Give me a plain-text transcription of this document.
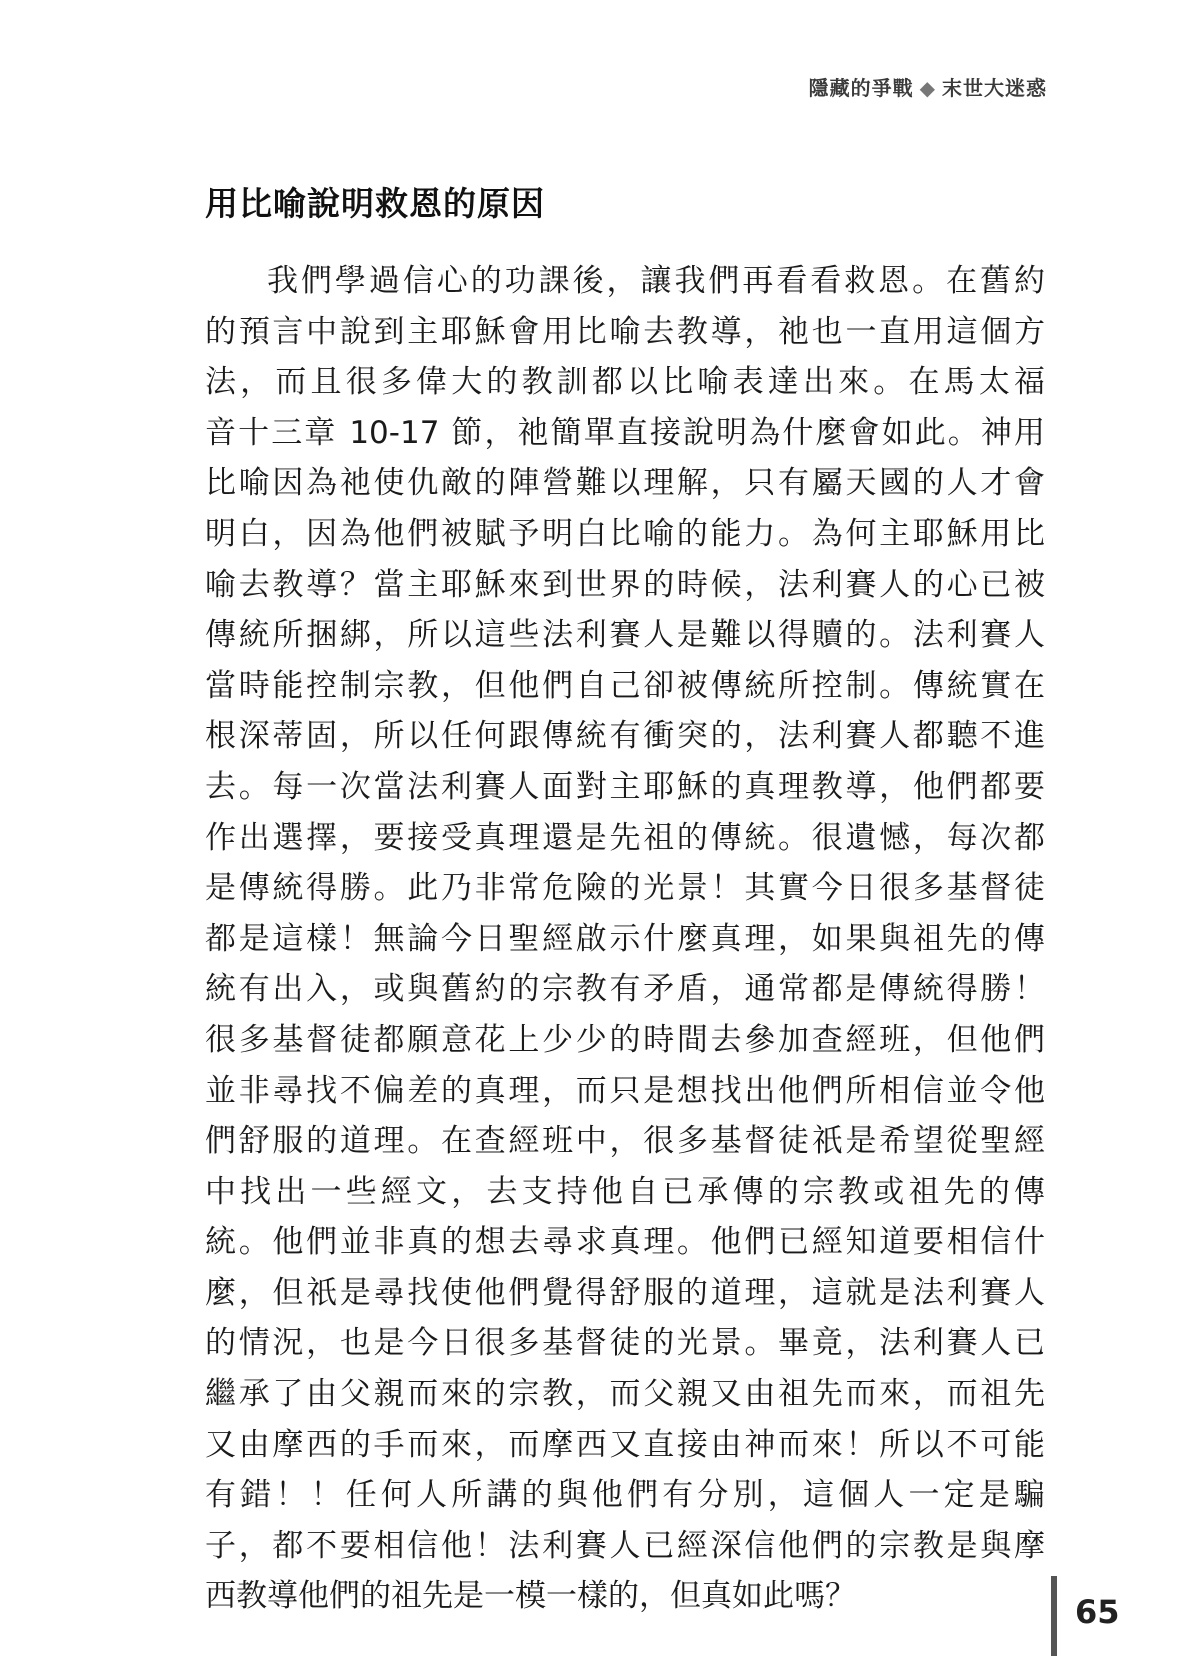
隱藏的爭戰 ◆ 末世大迷惑
用比喻說明救恩的原因
我們學過信心的功課後，讓我們再看看救恩。在舊約
的預言中說到主耶穌會用比喻去教導，祂也一直用這個方
法，而且很多偉大的教訓都以比喻表達出來。在馬太福
音十三章 10-17 節，祂簡單直接說明為什麼會如此。神用
比喻因為祂使仇敵的陣營難以理解，只有屬天國的人才會
明白，因為他們被賦予明白比喻的能力。為何主耶穌用比
喻去教導？當主耶穌來到世界的時候，法利賽人的心已被
傳統所捆綁，所以這些法利賽人是難以得贖的。法利賽人
當時能控制宗教，但他們自己卻被傳統所控制。傳統實在
根深蒂固，所以任何跟傳統有衝突的，法利賽人都聽不進
去。每一次當法利賽人面對主耶穌的真理教導，他們都要
作出選擇，要接受真理還是先祖的傳統。很遺憾，每次都
是傳統得勝。此乃非常危險的光景！其實今日很多基督徒
都是這樣！無論今日聖經啟示什麼真理，如果與祖先的傳
統有出入，或與舊約的宗教有矛盾，通常都是傳統得勝！
很多基督徒都願意花上少少的時間去參加查經班，但他們
並非尋找不偏差的真理，而只是想找出他們所相信並令他
們舒服的道理。在查經班中，很多基督徒祇是希望從聖經
中找出一些經文，去支持他自已承傳的宗教或祖先的傳
統。他們並非真的想去尋求真理。他們已經知道要相信什
麼，但祇是尋找使他們覺得舒服的道理，這就是法利賽人
的情況，也是今日很多基督徒的光景。畢竟，法利賽人已
繼承了由父親而來的宗教，而父親又由祖先而來，而祖先
又由摩西的手而來，而摩西又直接由神而來！所以不可能
有錯！！任何人所講的與他們有分別，這個人一定是騙
子，都不要相信他！法利賽人已經深信他們的宗教是與摩
西教導他們的祖先是一模一樣的，但真如此嗎？	65
